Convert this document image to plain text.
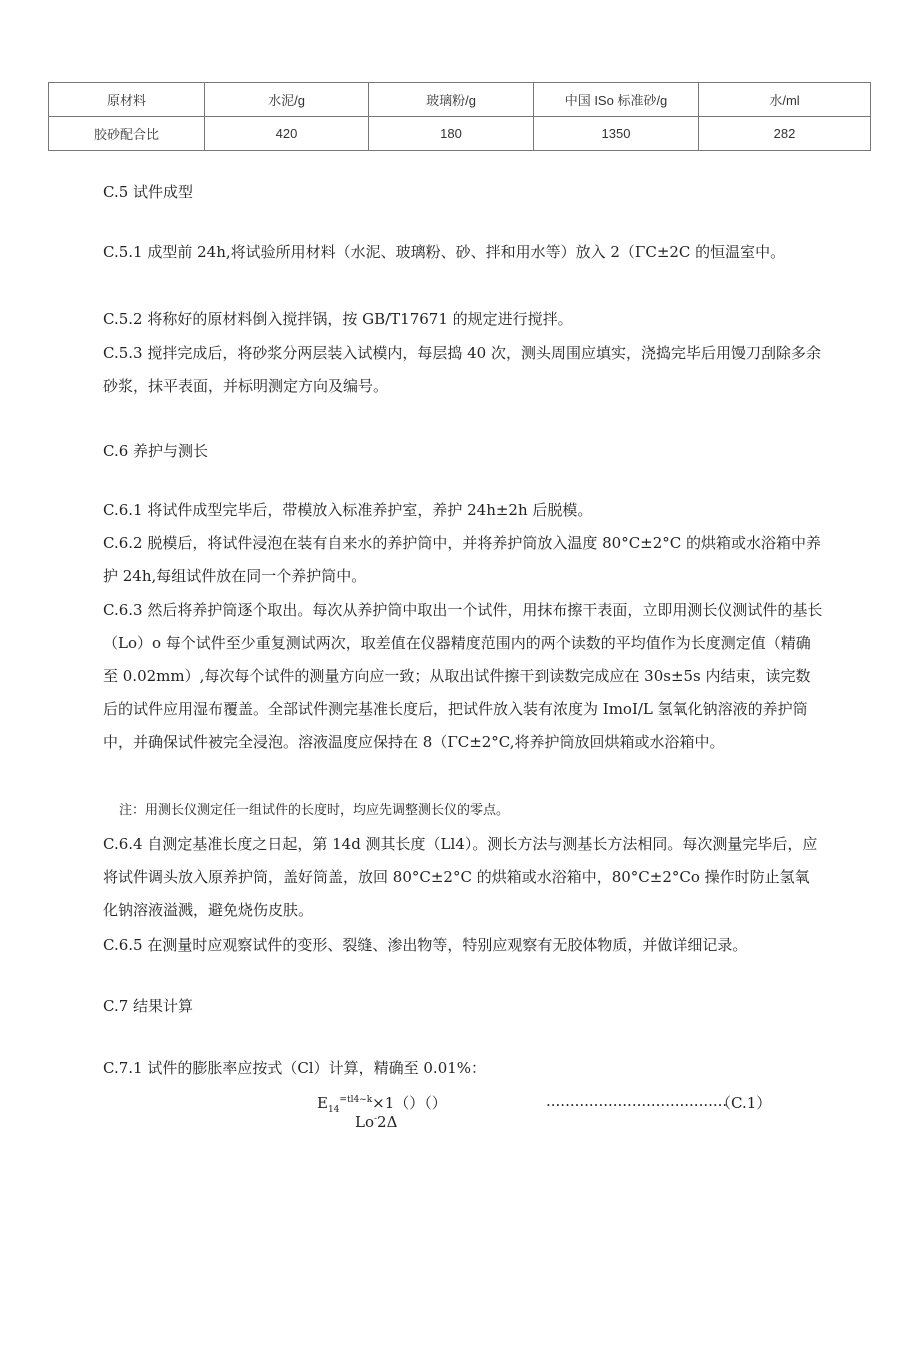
原材料	水泥/g	玻璃粉/g	中国 ISo 标准砂/g	水/ml
胶砂配合比	420	180	1350	282

C.5 试件成型

C.5.1 成型前 24h,将试验所用材料（水泥、玻璃粉、砂、拌和用水等）放入 2（ΓC±2C 的恒温室中。

C.5.2 将称好的原材料倒入搅拌锅，按 GB/T17671 的规定进行搅拌。

C.5.3 搅拌完成后，将砂浆分两层装入试模内，每层捣 40 次，测头周围应填实，浇捣完毕后用馒刀刮除多余砂浆，抹平表面，并标明测定方向及编号。

C.6 养护与测长

C.6.1 将试件成型完毕后，带模放入标准养护室，养护 24h±2h 后脱模。

C.6.2 脱模后，将试件浸泡在装有自来水的养护筒中，并将养护筒放入温度 80°C±2°C 的烘箱或水浴箱中养护 24h,每组试件放在同一个养护筒中。

C.6.3 然后将养护筒逐个取出。每次从养护筒中取出一个试件，用抹布擦干表面，立即用测长仪测试件的基长（Lo）o 每个试件至少重复测试两次，取差值在仪器精度范围内的两个读数的平均值作为长度测定值（精确至 0.02mm）,每次每个试件的测量方向应一致；从取出试件擦干到读数完成应在 30s±5s 内结束，读完数后的试件应用湿布覆盖。全部试件测完基准长度后，把试件放入装有浓度为 ImoI/L 氢氧化钠溶液的养护筒中，并确保试件被完全浸泡。溶液温度应保持在 8（ΓC±2°C,将养护筒放回烘箱或水浴箱中。

注：用测长仪测定任一组试件的长度时，均应先调整测长仪的零点。

C.6.4 自测定基准长度之日起，第 14d 测其长度（Ll4）。测长方法与测基长方法相同。每次测量完毕后，应将试件调头放入原养护筒，盖好筒盖，放回 80°C±2°C 的烘箱或水浴箱中，80°C±2°Co 操作时防止氢氧化钠溶液溢溅，避免烧伤皮肤。

C.6.5 在测量时应观察试件的变形、裂缝、渗出物等，特别应观察有无胶体物质，并做详细记录。

C.7 结果计算

C.7.1 试件的膨胀率应按式（Cl）计算，精确至 0.01%：

$E_{14}^{=tl4\sim k}\times 1()()$
Lo-2Δ
......................................
（C.1）
